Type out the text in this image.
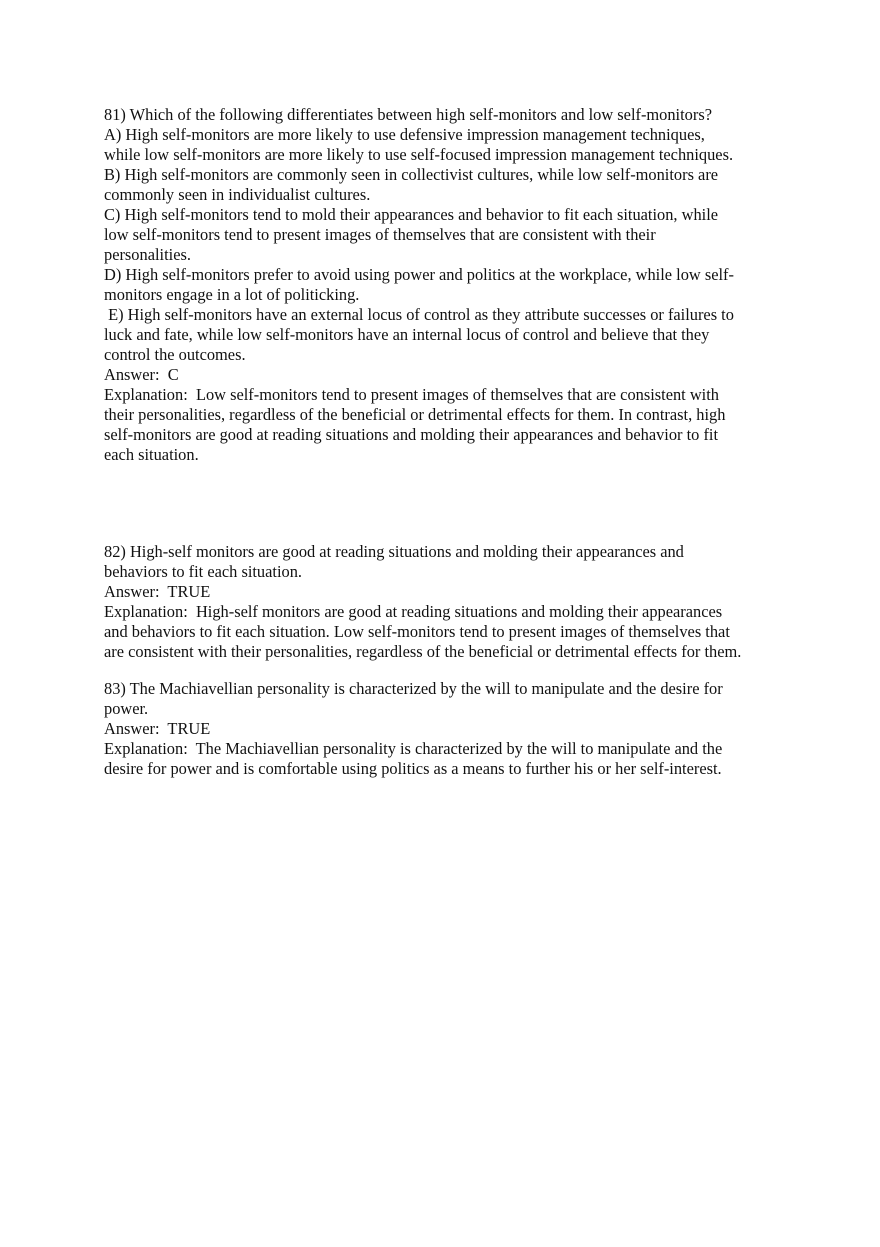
81) Which of the following differentiates between high self-monitors and low self-monitors?
A) High self-monitors are more likely to use defensive impression management techniques,
while low self-monitors are more likely to use self-focused impression management techniques.
B) High self-monitors are commonly seen in collectivist cultures, while low self-monitors are
commonly seen in individualist cultures.
C) High self-monitors tend to mold their appearances and behavior to fit each situation, while
low self-monitors tend to present images of themselves that are consistent with their
personalities.
D) High self-monitors prefer to avoid using power and politics at the workplace, while low self-
monitors engage in a lot of politicking.
E) High self-monitors have an external locus of control as they attribute successes or failures to
luck and fate, while low self-monitors have an internal locus of control and believe that they
control the outcomes.
Answer:  C
Explanation:  Low self-monitors tend to present images of themselves that are consistent with
their personalities, regardless of the beneficial or detrimental effects for them. In contrast, high
self-monitors are good at reading situations and molding their appearances and behavior to fit
each situation.
82) High-self monitors are good at reading situations and molding their appearances and
behaviors to fit each situation.
Answer:  TRUE
Explanation:  High-self monitors are good at reading situations and molding their appearances
and behaviors to fit each situation. Low self-monitors tend to present images of themselves that
are consistent with their personalities, regardless of the beneficial or detrimental effects for them.
83) The Machiavellian personality is characterized by the will to manipulate and the desire for
power.
Answer:  TRUE
Explanation:  The Machiavellian personality is characterized by the will to manipulate and the
desire for power and is comfortable using politics as a means to further his or her self-interest.
